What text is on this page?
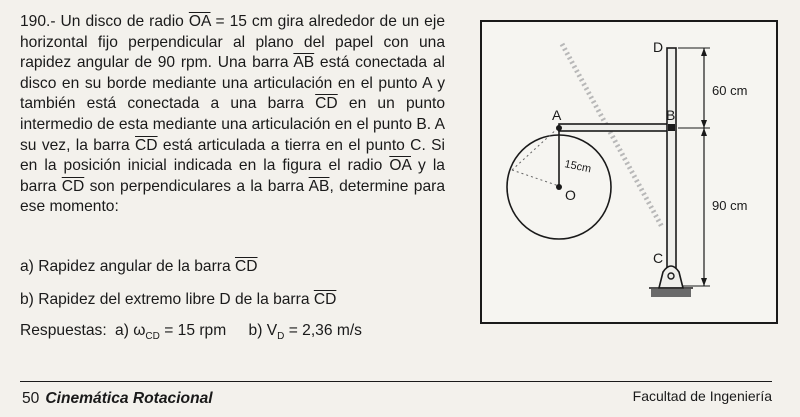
190.- Un disco de radio $\overline{OA} = 15$ cm gira alrededor de un eje horizontal fijo perpendicular al plano del papel con una rapidez angular de 90 rpm. Una barra $\overline{AB}$ está conectada al disco en su borde mediante una articulación en el punto A y también está conectada a una barra $\overline{CD}$ en un punto intermedio de esta mediante una articulación en el punto B. A su vez, la barra $\overline{CD}$ está articulada a tierra en el punto C. Si en la posición inicial indicada en la figura el radio $\overline{OA}$ y la barra $\overline{CD}$ son perpendiculares a la barra $\overline{AB}$, determine para ese momento:

a) Rapidez angular de la barra $\overline{CD}$
b) Rapidez del extremo libre D de la barra $\overline{CD}$
Respuestas: a) $\omega_{CD} = 15$ rpm b) $V_D = 2,36$ m/s
A	B
C
D
O
15cm
60 cm
90 cm
50 Cinemática Rotacional	Facultad de Ingeniería
